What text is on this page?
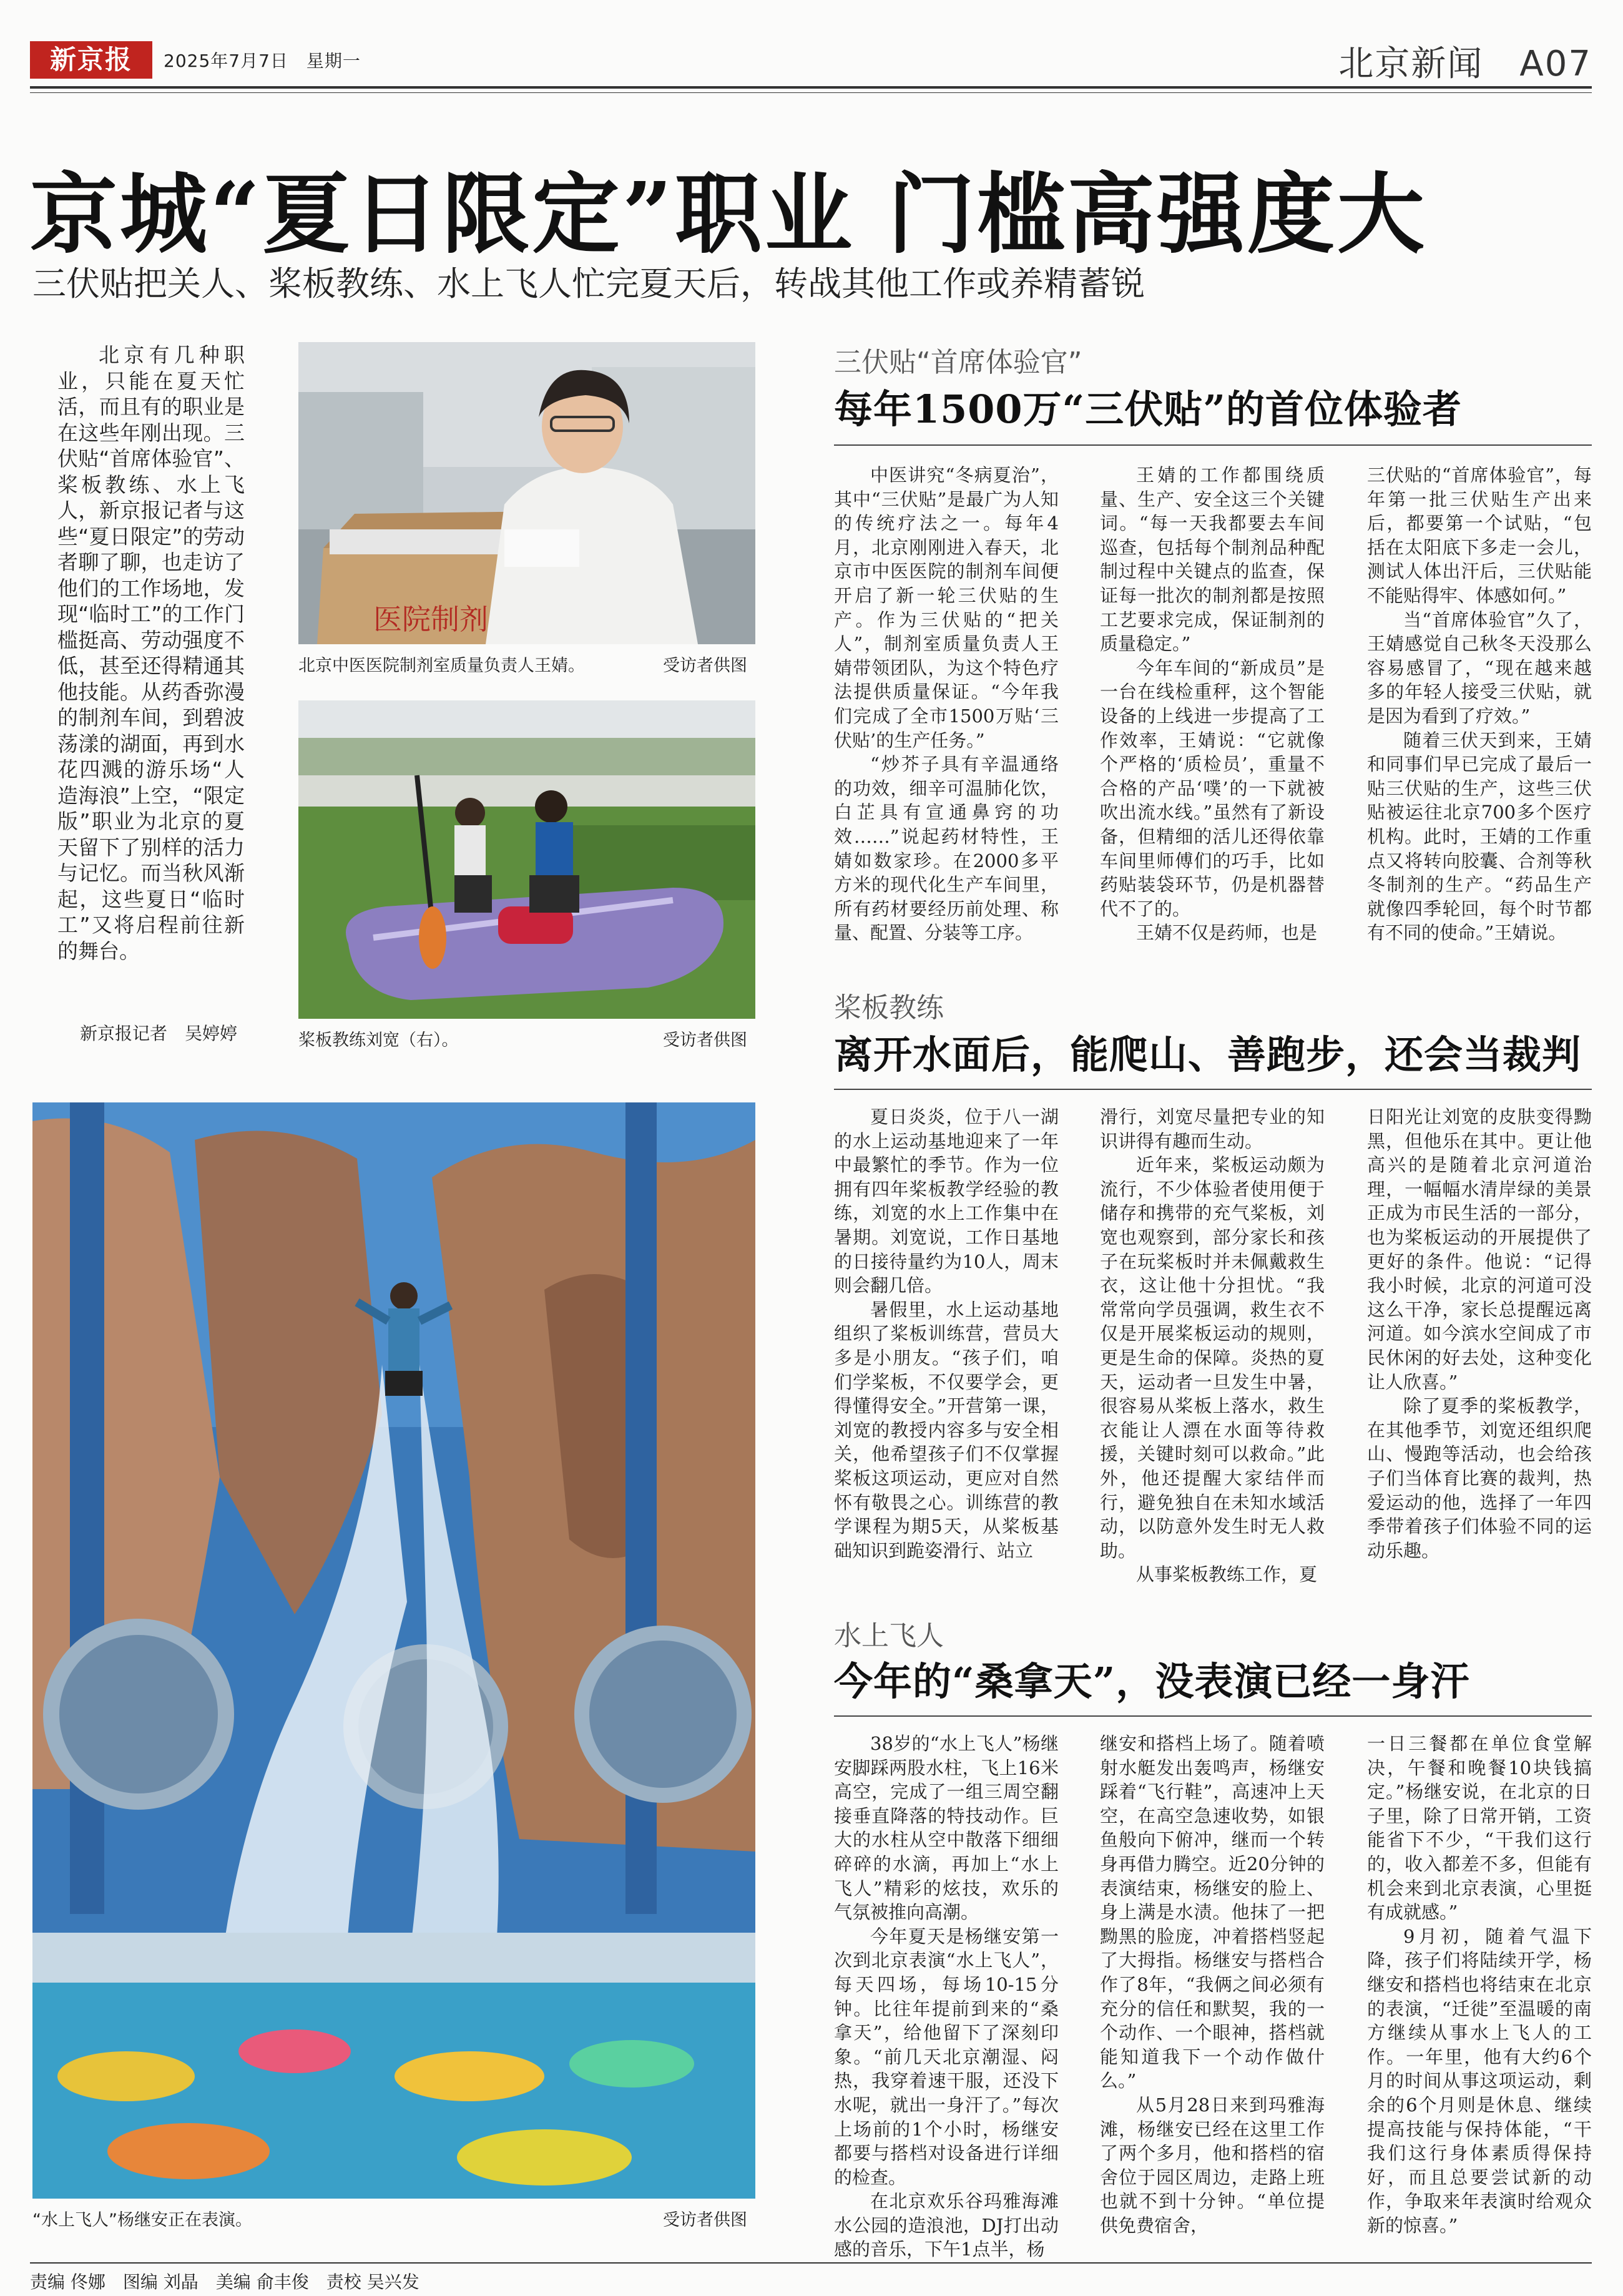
新京报	2025年7月7日　星期一	北京新闻　A07
京城“夏日限定”职业 门槛高强度大
三伏贴把关人、桨板教练、水上飞人忙完夏天后，转战其他工作或养精蓄锐
北京有几种职业，只能在夏天忙活，而且有的职业是在这些年刚出现。三伏贴“首席体验官”、桨板教练、水上飞人，新京报记者与这些“夏日限定”的劳动者聊了聊，也走访了他们的工作场地，发现“临时工”的工作门槛挺高、劳动强度不低，甚至还得精通其他技能。从药香弥漫的制剂车间，到碧波荡漾的湖面，再到水花四溅的游乐场“人造海浪”上空，“限定版”职业为北京的夏天留下了别样的活力与记忆。而当秋风渐起，这些夏日“临时工”又将启程前往新的舞台。
新京报记者　吴婷婷
医院制剂
北京中医医院制剂室质量负责人王婧。	受访者供图
桨板教练刘宽（右）。	受访者供图
“水上飞人”杨继安正在表演。	受访者供图
三伏贴“首席体验官”
每年1500万“三伏贴”的首位体验者

中医讲究“冬病夏治”，其中“三伏贴”是最广为人知的传统疗法之一。每年4月，北京刚刚进入春天，北京市中医医院的制剂车间便开启了新一轮三伏贴的生产。作为三伏贴的“把关人”，制剂室质量负责人王婧带领团队，为这个特色疗法提供质量保证。“今年我们完成了全市1500万贴‘三伏贴’的生产任务。”

“炒芥子具有辛温通络的功效，细辛可温肺化饮，白芷具有宣通鼻窍的功效……”说起药材特性，王婧如数家珍。在2000多平方米的现代化生产车间里，所有药材要经历前处理、称量、配置、分装等工序。

王婧的工作都围绕质量、生产、安全这三个关键词。“每一天我都要去车间巡查，包括每个制剂品种配制过程中关键点的监查，保证每一批次的制剂都是按照工艺要求完成，保证制剂的质量稳定。”

今年车间的“新成员”是一台在线检重秤，这个智能设备的上线进一步提高了工作效率，王婧说：“它就像个严格的‘质检员’，重量不合格的产品‘噗’的一下就被吹出流水线。”虽然有了新设备，但精细的活儿还得依靠车间里师傅们的巧手，比如药贴装袋环节，仍是机器替代不了的。

王婧不仅是药师，也是

三伏贴的“首席体验官”，每年第一批三伏贴生产出来后，都要第一个试贴，“包括在太阳底下多走一会儿，测试人体出汗后，三伏贴能不能贴得牢、体感如何。”

当“首席体验官”久了，王婧感觉自己秋冬天没那么容易感冒了，“现在越来越多的年轻人接受三伏贴，就是因为看到了疗效。”

随着三伏天到来，王婧和同事们早已完成了最后一贴三伏贴的生产，这些三伏贴被运往北京700多个医疗机构。此时，王婧的工作重点又将转向胶囊、合剂等秋冬制剂的生产。“药品生产就像四季轮回，每个时节都有不同的使命。”王婧说。

桨板教练
离开水面后，能爬山、善跑步，还会当裁判

夏日炎炎，位于八一湖的水上运动基地迎来了一年中最繁忙的季节。作为一位拥有四年桨板教学经验的教练，刘宽的水上工作集中在暑期。刘宽说，工作日基地的日接待量约为10人，周末则会翻几倍。

暑假里，水上运动基地组织了桨板训练营，营员大多是小朋友。“孩子们，咱们学桨板，不仅要学会，更得懂得安全。”开营第一课，刘宽的教授内容多与安全相关，他希望孩子们不仅掌握桨板这项运动，更应对自然怀有敬畏之心。训练营的教学课程为期5天，从桨板基础知识到跪姿滑行、站立

滑行，刘宽尽量把专业的知识讲得有趣而生动。

近年来，桨板运动颇为流行，不少体验者使用便于储存和携带的充气桨板，刘宽也观察到，部分家长和孩子在玩桨板时并未佩戴救生衣，这让他十分担忧。“我常常向学员强调，救生衣不仅是开展桨板运动的规则，更是生命的保障。炎热的夏天，运动者一旦发生中暑，很容易从桨板上落水，救生衣能让人漂在水面等待救援，关键时刻可以救命。”此外，他还提醒大家结伴而行，避免独自在未知水域活动，以防意外发生时无人救助。

从事桨板教练工作，夏

日阳光让刘宽的皮肤变得黝黑，但他乐在其中。更让他高兴的是随着北京河道治理，一幅幅水清岸绿的美景正成为市民生活的一部分，也为桨板运动的开展提供了更好的条件。他说：“记得我小时候，北京的河道可没这么干净，家长总提醒远离河道。如今滨水空间成了市民休闲的好去处，这种变化让人欣喜。”

除了夏季的桨板教学，在其他季节，刘宽还组织爬山、慢跑等活动，也会给孩子们当体育比赛的裁判，热爱运动的他，选择了一年四季带着孩子们体验不同的运动乐趣。

水上飞人
今年的“桑拿天”，没表演已经一身汗

38岁的“水上飞人”杨继安脚踩两股水柱，飞上16米高空，完成了一组三周空翻接垂直降落的特技动作。巨大的水柱从空中散落下细细碎碎的水滴，再加上“水上飞人”精彩的炫技，欢乐的气氛被推向高潮。

今年夏天是杨继安第一次到北京表演“水上飞人”，每天四场，每场10-15分钟。比往年提前到来的“桑拿天”，给他留下了深刻印象。“前几天北京潮湿、闷热，我穿着速干服，还没下水呢，就出一身汗了。”每次上场前的1个小时，杨继安都要与搭档对设备进行详细的检查。

在北京欢乐谷玛雅海滩水公园的造浪池，DJ打出动感的音乐，下午1点半，杨

继安和搭档上场了。随着喷射水艇发出轰鸣声，杨继安踩着“飞行鞋”，高速冲上天空，在高空急速收势，如银鱼般向下俯冲，继而一个转身再借力腾空。近20分钟的表演结束，杨继安的脸上、身上满是水渍。他抹了一把黝黑的脸庞，冲着搭档竖起了大拇指。杨继安与搭档合作了8年，“我俩之间必须有充分的信任和默契，我的一个动作、一个眼神，搭档就能知道我下一个动作做什么。”

从5月28日来到玛雅海滩，杨继安已经在这里工作了两个多月，他和搭档的宿舍位于园区周边，走路上班也就不到十分钟。“单位提供免费宿舍，

一日三餐都在单位食堂解决，午餐和晚餐10块钱搞定。”杨继安说，在北京的日子里，除了日常开销，工资能省下不少，“干我们这行的，收入都差不多，但能有机会来到北京表演，心里挺有成就感。”

9月初，随着气温下降，孩子们将陆续开学，杨继安和搭档也将结束在北京的表演，“迁徙”至温暖的南方继续从事水上飞人的工作。一年里，他有大约6个月的时间从事这项运动，剩余的6个月则是休息、继续提高技能与保持体能，“干我们这行身体素质得保持好，而且总要尝试新的动作，争取来年表演时给观众新的惊喜。”

责编 佟娜　图编 刘晶　美编 俞丰俊　责校 吴兴发
